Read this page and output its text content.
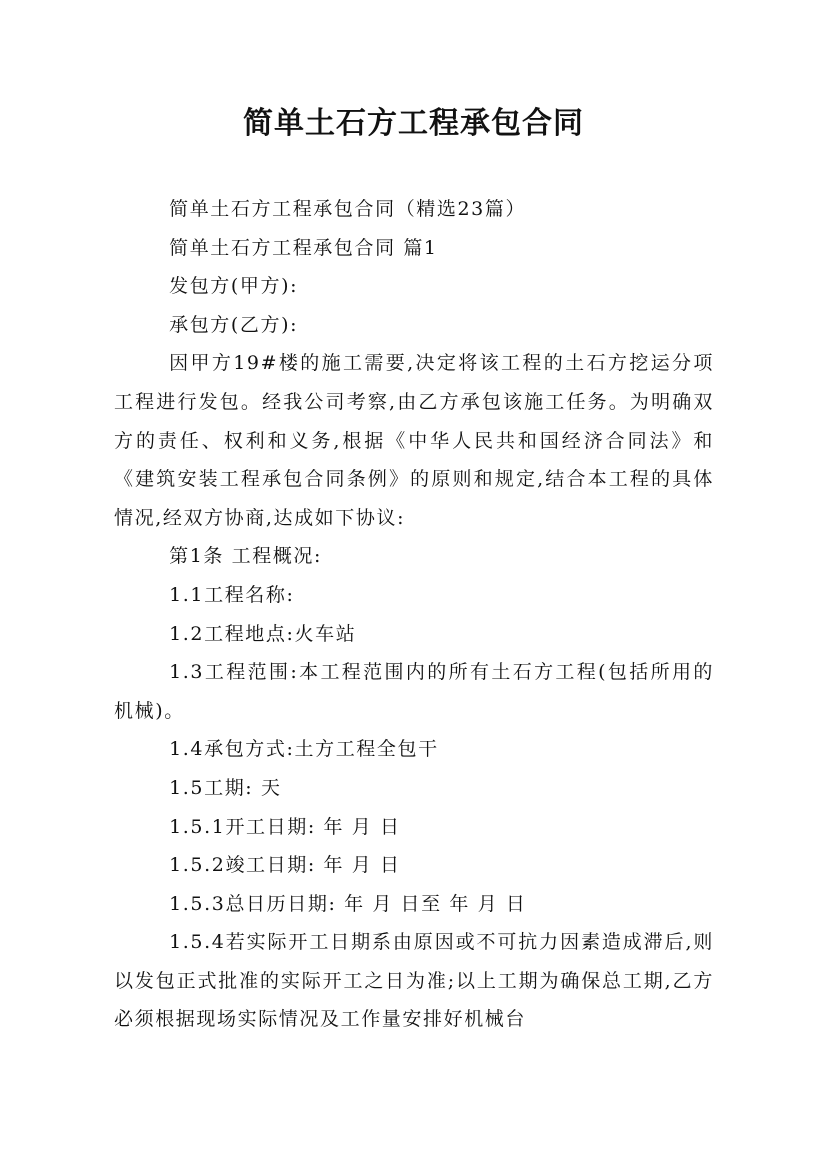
简单土石方工程承包合同

简单土石方工程承包合同（精选23篇）

简单土石方工程承包合同 篇1

发包方(甲方):

承包方(乙方):

因甲方19#楼的施工需要,决定将该工程的土石方挖运分项工程进行发包。经我公司考察,由乙方承包该施工任务。为明确双方的责任、权利和义务,根据《中华人民共和国经济合同法》和《建筑安装工程承包合同条例》的原则和规定,结合本工程的具体情况,经双方协商,达成如下协议:

第1条 工程概况:

1.1工程名称:

1.2工程地点:火车站

1.3工程范围:本工程范围内的所有土石方工程(包括所用的机械)。

1.4承包方式:土方工程全包干

1.5工期: 天

1.5.1开工日期: 年 月 日

1.5.2竣工日期: 年 月 日

1.5.3总日历日期: 年 月 日至 年 月 日

1.5.4若实际开工日期系由原因或不可抗力因素造成滞后,则以发包正式批准的实际开工之日为准;以上工期为确保总工期,乙方必须根据现场实际情况及工作量安排好机械台
